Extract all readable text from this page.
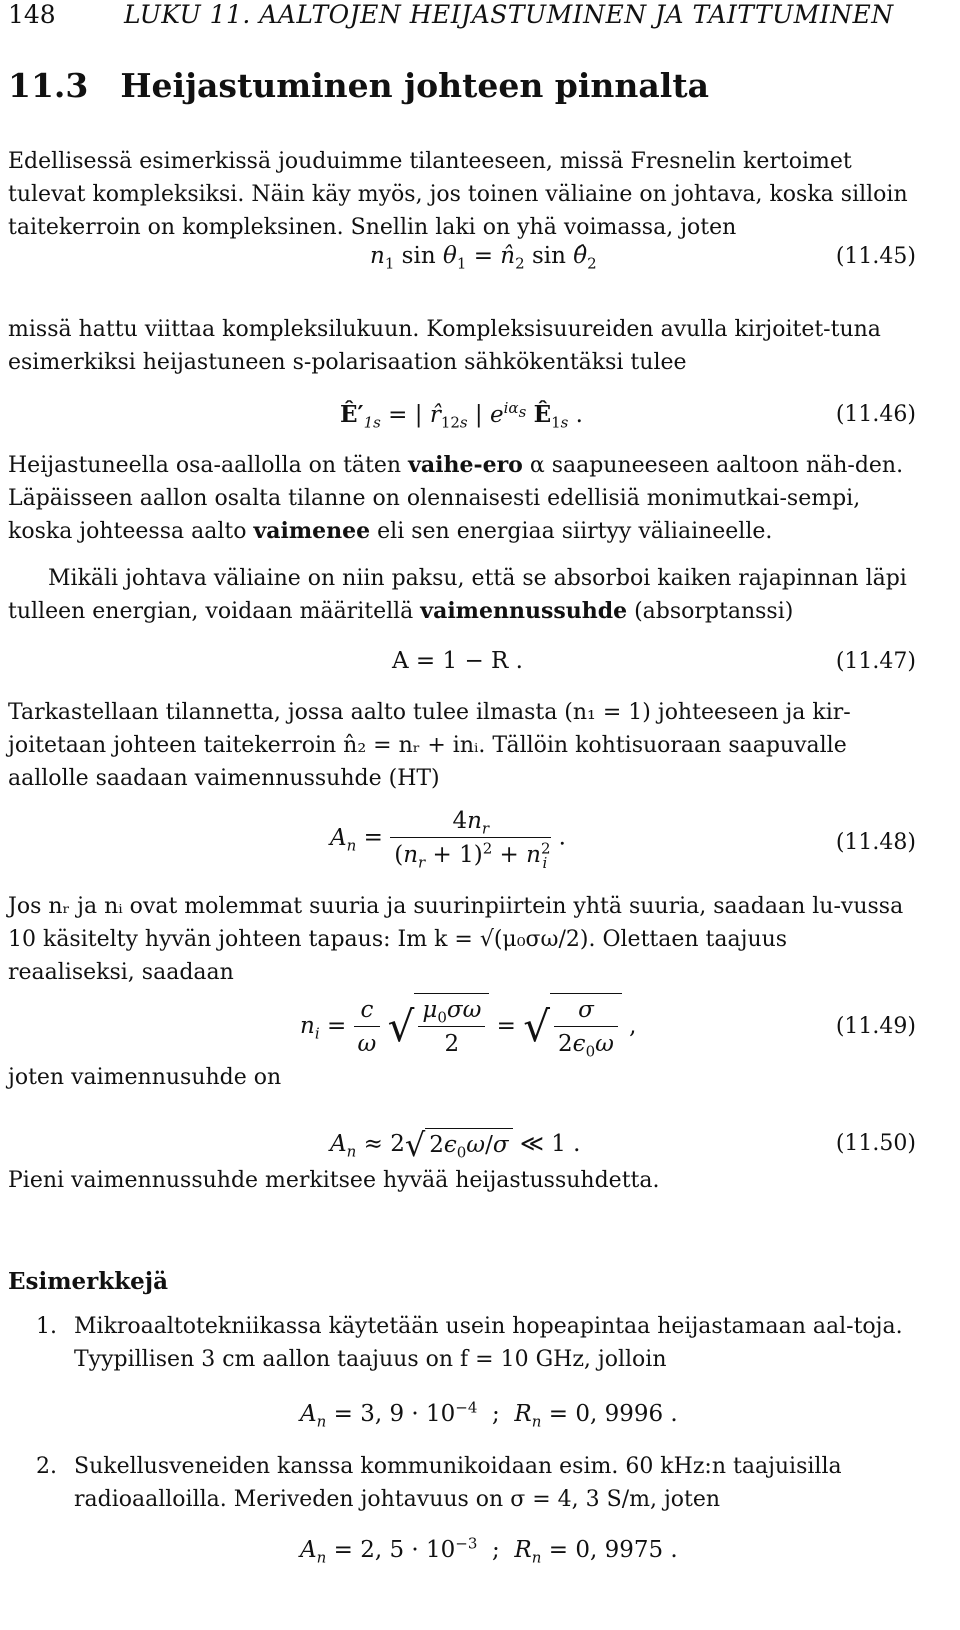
148	LUKU 11. AALTOJEN HEIJASTUMINEN JA TAITTUMINEN
11.3 Heijastuminen johteen pinnalta
Edellisessä esimerkissä jouduimme tilanteeseen, missä Fresnelin kertoimet tulevat kompleksiksi. Näin käy myös, jos toinen väliaine on johtava, koska silloin taitekerroin on kompleksinen. Snellin laki on yhä voimassa, joten
$n_1$ $\sin \theta_1$ = $n̂_2$ $\sin \thetâ_2$	(11.45)
missä hattu viittaa kompleksilukuun. Kompleksisuureiden avulla kirjoitet-tuna esimerkiksi heijastuneen s-polarisaation sähkökentäksi tulee
$Ê'_{1s}$ = | $r̂_{12s}$ | $e^{i\alpha_s}$ $Ê_{1s}$ .	(11.46)
Heijastuneella osa-aallolla on täten vaihe-ero α saapuneeseen aaltoon näh-den. Läpäisseen aallon osalta tilanne on olennaisesti edellisiä monimutkai-sempi, koska johteessa aalto vaimenee eli sen energiaa siirtyy väliaineelle.
Mikäli johtava väliaine on niin paksu, että se absorboi kaiken rajapinnan läpi tulleen energian, voidaan määritellä vaimennussuhde (absorptanssi)
A = 1 − R .	(11.47)
Tarkastellaan tilannetta, jossa aalto tulee ilmasta (n₁ = 1) johteeseen ja kir-joitetaan johteen taitekerroin n̂₂ = nᵣ + inᵢ. Tällöin kohtisuoraan saapuvalle aallolle saadaan vaimennussuhde (HT)
$A_n = \frac{4n_r}{(n_r + 1)^2 + n^2_i}$ .	(11.48)
Jos nᵣ ja nᵢ ovat molemmat suuria ja suurinpiirtein yhtä suuria, saadaan lu-vussa 10 käsitelty hyvän johteen tapaus: Im k = √(μ₀σω/2). Olettaen taajuus reaaliseksi, saadaan
$n_i = \frac{c}{\omega}$ √ $\frac{\mu_0\sigma\omega}{2}$ = √ $\frac{\sigma}{2\epsilon_0\omega}$ ,	(11.49)
joten vaimennusuhde on
$A_n \approx 2√$ $2\epsilon_0\omega/\sigma$ ≪ 1 .	(11.50)
Pieni vaimennussuhde merkitsee hyvää heijastussuhdetta.
Esimerkkejä
1. Mikroaaltotekniikassa käytetään usein hopeapintaa heijastamaan aal-toja. Tyypillisen 3 cm aallon taajuus on f = 10 GHz, jolloin
$A_n = 3$, $9 \cdot 10^{-4}$  ;  $R_n = 0$, 9996 .
2. Sukellusveneiden kanssa kommunikoidaan esim. 60 kHz:n taajuisilla radioaalloilla. Meriveden johtavuus on σ = 4, 3 S/m, joten
$A_n = 2$, $5 \cdot 10^{-3}$  ;  $R_n = 0$, 9975 .
